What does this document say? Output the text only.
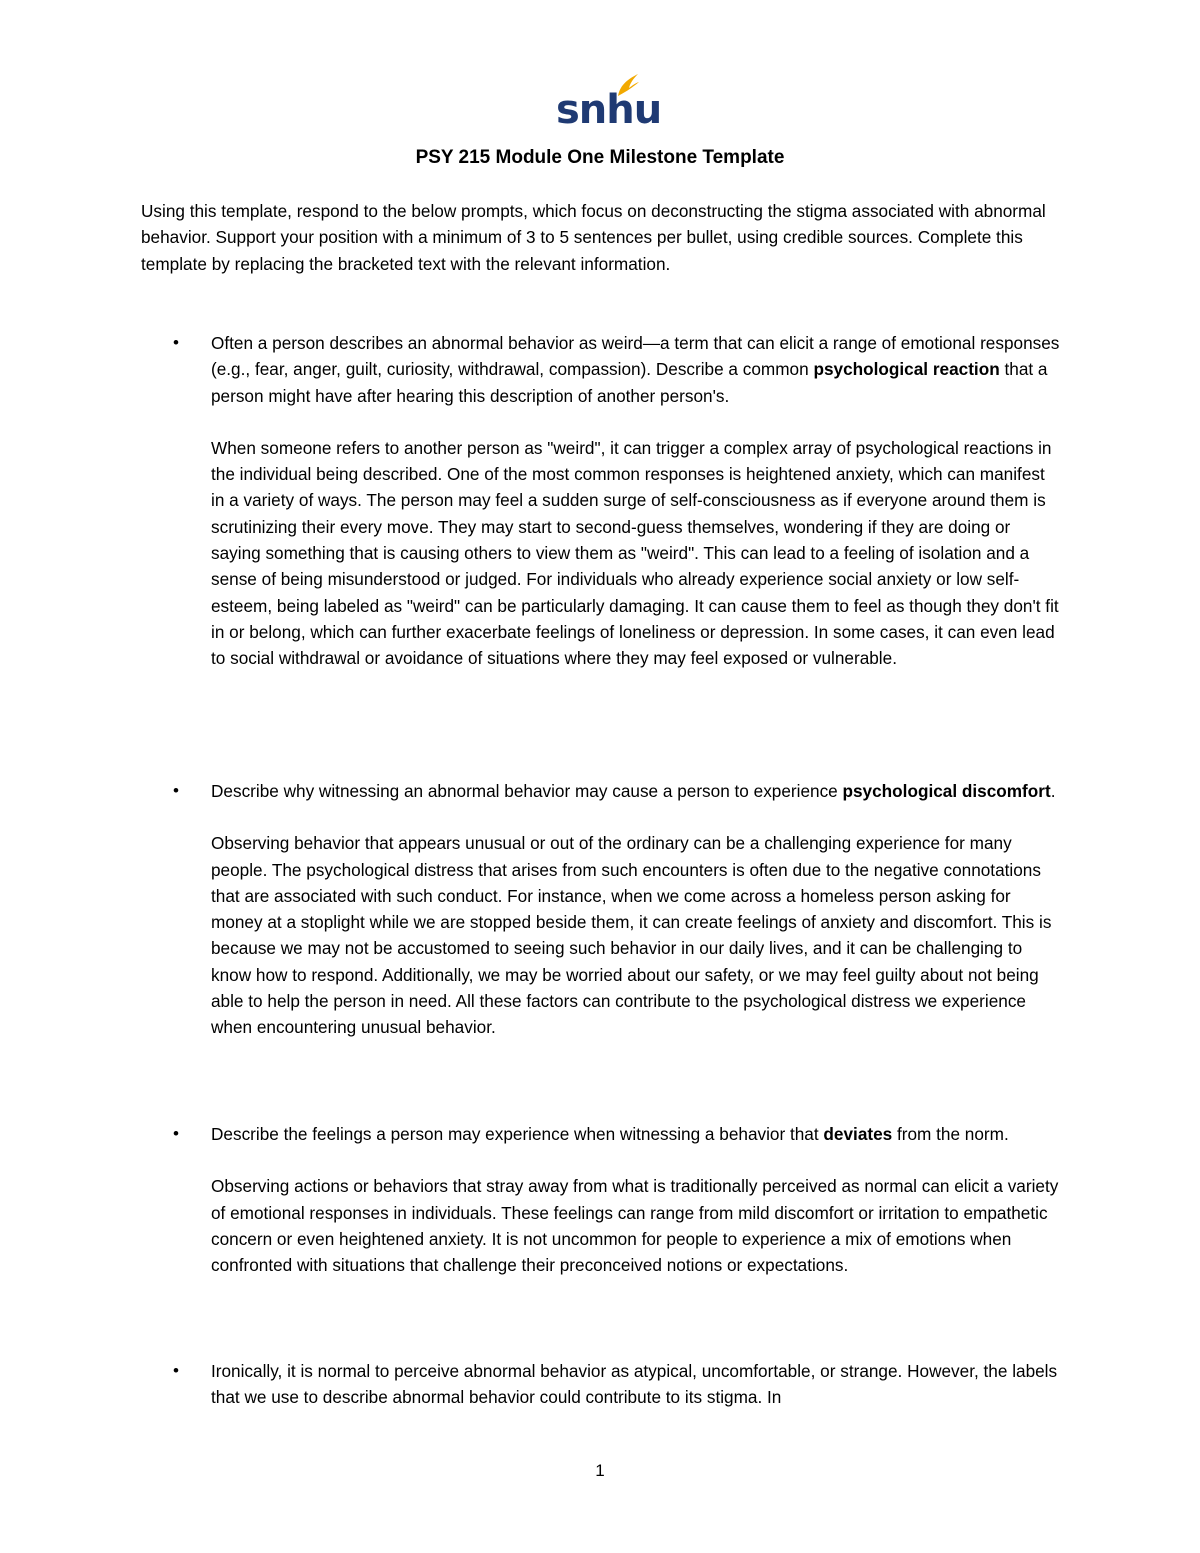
snhu
PSY 215 Module One Milestone Template

Using this template, respond to the below prompts, which focus on deconstructing the stigma associated with abnormal behavior. Support your position with a minimum of 3 to 5 sentences per bullet, using credible sources. Complete this template by replacing the bracketed text with the relevant information.

•	Often a person describes an abnormal behavior as weird—a term that can elicit a range of emotional responses (e.g., fear, anger, guilt, curiosity, withdrawal, compassion). Describe a common psychological reaction that a person might have after hearing this description of another person's.

When someone refers to another person as "weird", it can trigger a complex array of psychological reactions in the individual being described. One of the most common responses is heightened anxiety, which can manifest in a variety of ways. The person may feel a sudden surge of self-consciousness as if everyone around them is scrutinizing their every move. They may start to second-guess themselves, wondering if they are doing or saying something that is causing others to view them as "weird". This can lead to a feeling of isolation and a sense of being misunderstood or judged. For individuals who already experience social anxiety or low self-esteem, being labeled as "weird" can be particularly damaging. It can cause them to feel as though they don't fit in or belong, which can further exacerbate feelings of loneliness or depression. In some cases, it can even lead to social withdrawal or avoidance of situations where they may feel exposed or vulnerable.

•	Describe why witnessing an abnormal behavior may cause a person to experience psychological discomfort.

Observing behavior that appears unusual or out of the ordinary can be a challenging experience for many people. The psychological distress that arises from such encounters is often due to the negative connotations that are associated with such conduct. For instance, when we come across a homeless person asking for money at a stoplight while we are stopped beside them, it can create feelings of anxiety and discomfort. This is because we may not be accustomed to seeing such behavior in our daily lives, and it can be challenging to know how to respond. Additionally, we may be worried about our safety, or we may feel guilty about not being able to help the person in need. All these factors can contribute to the psychological distress we experience when encountering unusual behavior.

•	Describe the feelings a person may experience when witnessing a behavior that deviates from the norm.

Observing actions or behaviors that stray away from what is traditionally perceived as normal can elicit a variety of emotional responses in individuals. These feelings can range from mild discomfort or irritation to empathetic concern or even heightened anxiety. It is not uncommon for people to experience a mix of emotions when confronted with situations that challenge their preconceived notions or expectations.

•	Ironically, it is normal to perceive abnormal behavior as atypical, uncomfortable, or strange. However, the labels that we use to describe abnormal behavior could contribute to its stigma. In

1
